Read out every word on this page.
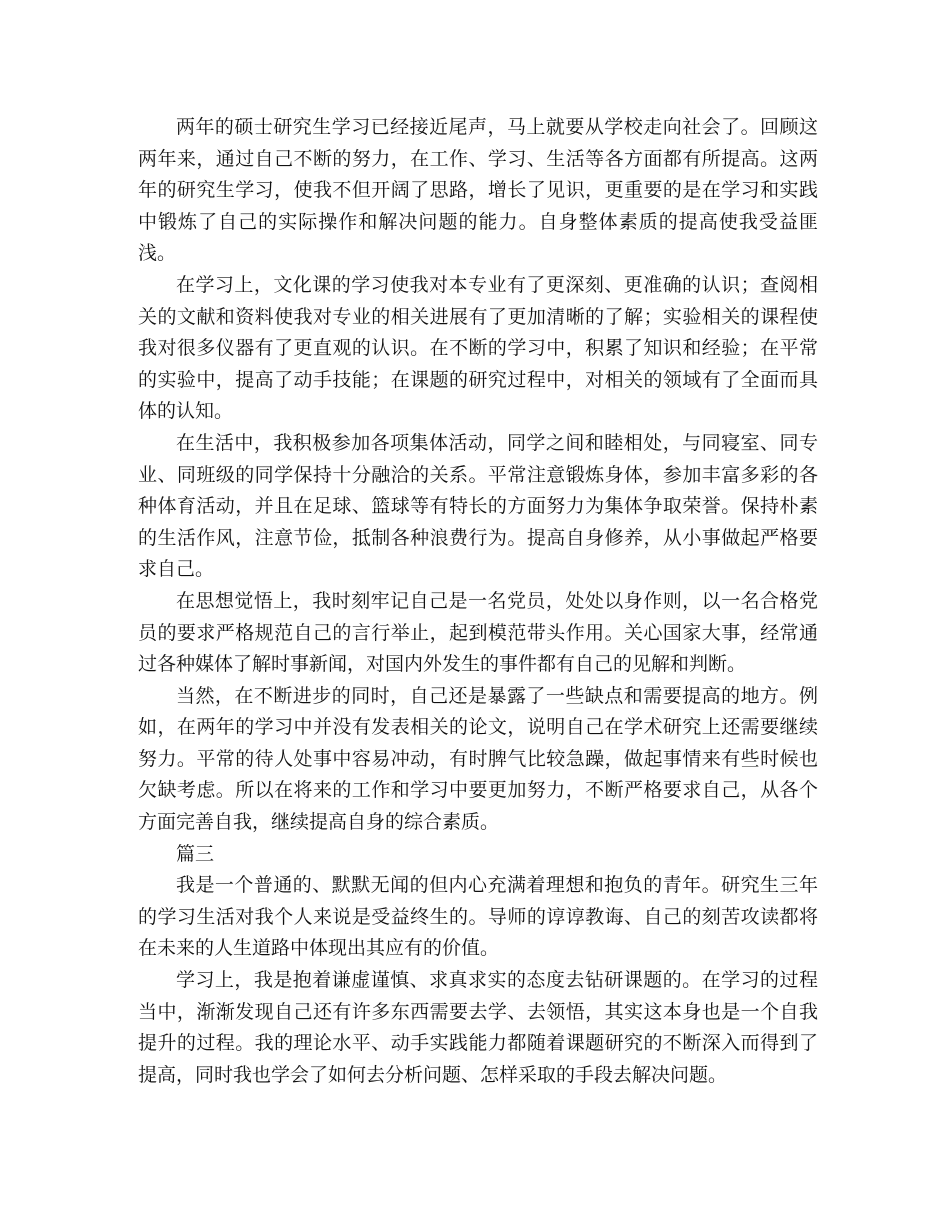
两年的硕士研究生学习已经接近尾声，马上就要从学校走向社会了。回顾这两年来，通过自己不断的努力，在工作、学习、生活等各方面都有所提高。这两年的研究生学习，使我不但开阔了思路，增长了见识，更重要的是在学习和实践中锻炼了自己的实际操作和解决问题的能力。自身整体素质的提高使我受益匪浅。

在学习上，文化课的学习使我对本专业有了更深刻、更准确的认识；查阅相关的文献和资料使我对专业的相关进展有了更加清晰的了解；实验相关的课程使我对很多仪器有了更直观的认识。在不断的学习中，积累了知识和经验；在平常的实验中，提高了动手技能；在课题的研究过程中，对相关的领域有了全面而具体的认知。

在生活中，我积极参加各项集体活动，同学之间和睦相处，与同寝室、同专业、同班级的同学保持十分融洽的关系。平常注意锻炼身体，参加丰富多彩的各种体育活动，并且在足球、篮球等有特长的方面努力为集体争取荣誉。保持朴素的生活作风，注意节俭，抵制各种浪费行为。提高自身修养，从小事做起严格要求自己。

在思想觉悟上，我时刻牢记自己是一名党员，处处以身作则，以一名合格党员的要求严格规范自己的言行举止，起到模范带头作用。关心国家大事，经常通过各种媒体了解时事新闻，对国内外发生的事件都有自己的见解和判断。

当然，在不断进步的同时，自己还是暴露了一些缺点和需要提高的地方。例如，在两年的学习中并没有发表相关的论文，说明自己在学术研究上还需要继续努力。平常的待人处事中容易冲动，有时脾气比较急躁，做起事情来有些时候也欠缺考虑。所以在将来的工作和学习中要更加努力，不断严格要求自己，从各个方面完善自我，继续提高自身的综合素质。

篇三

我是一个普通的、默默无闻的但内心充满着理想和抱负的青年。研究生三年的学习生活对我个人来说是受益终生的。导师的谆谆教诲、自己的刻苦攻读都将在未来的人生道路中体现出其应有的价值。

学习上，我是抱着谦虚谨慎、求真求实的态度去钻研课题的。在学习的过程当中，渐渐发现自己还有许多东西需要去学、去领悟，其实这本身也是一个自我提升的过程。我的理论水平、动手实践能力都随着课题研究的不断深入而得到了提高，同时我也学会了如何去分析问题、怎样采取的手段去解决问题。
